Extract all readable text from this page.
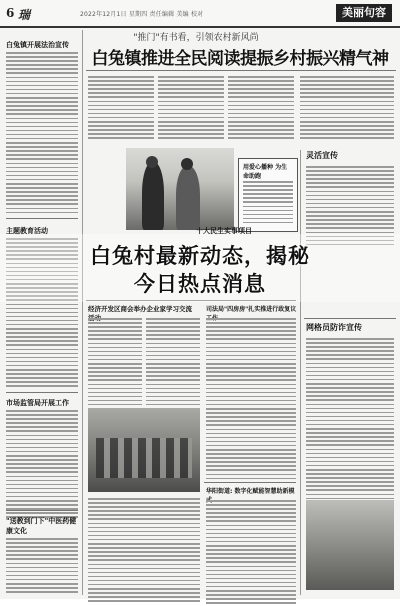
6 瑞	2022年12月1日 星期四 责任编辑 美编 校对	美丽句容
白兔镇开展法治宣传
主题教育活动
市场监管局开展工作
"送教到门下"中医药健康文化
"推门"有书看，引领农村新风尚
白兔镇推进全民阅读提振乡村振兴精气神
用爱心播种 为生命助跑
灵活宣传
网格员防诈宣传
十大民生实事项目
经济开发区商会举办企业家学习交流	司法局"四房房"扎实推进行政复议
华阳街道: 数字化赋能智慧助新模
白兔村最新动态，揭秘
今日热点消息
